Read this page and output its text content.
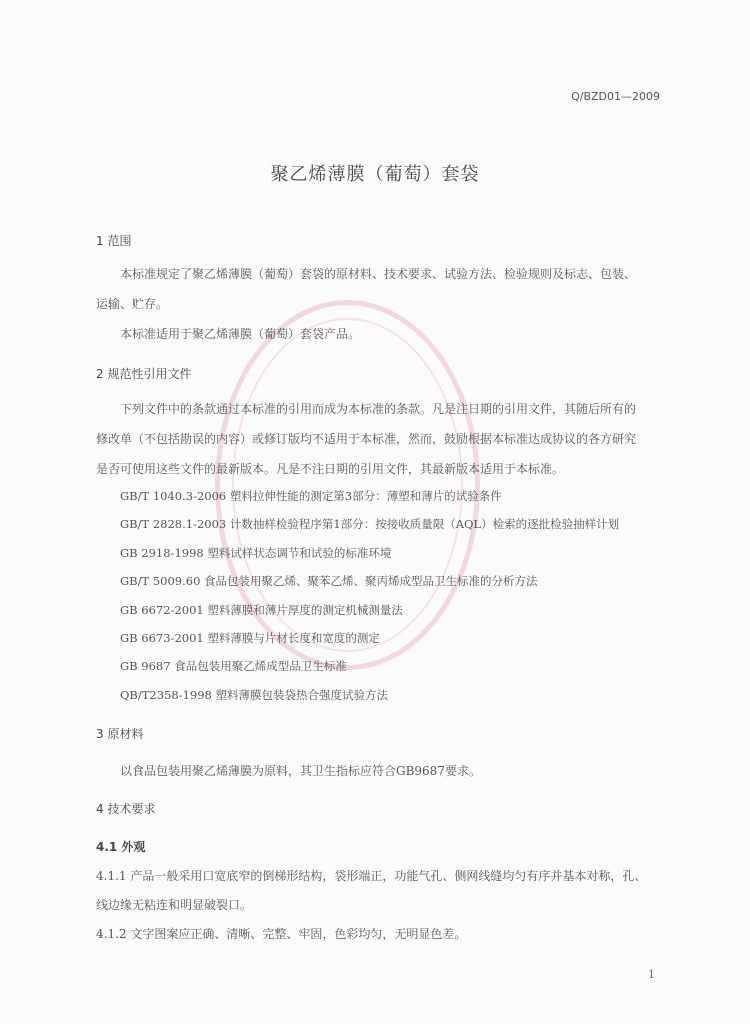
Q/BZD01—2009
聚乙烯薄膜（葡萄）套袋
1 范围
本标准规定了聚乙烯薄膜（葡萄）套袋的原材料、技术要求、试验方法、检验规则及标志、包装、
运输、贮存。
本标准适用于聚乙烯薄膜（葡萄）套袋产品。
2 规范性引用文件
下列文件中的条款通过本标准的引用而成为本标准的条款。凡是注日期的引用文件，其随后所有的
修改单（不包括勘误的内容）或修订版均不适用于本标准，然而，鼓励根据本标准达成协议的各方研究
是否可使用这些文件的最新版本。凡是不注日期的引用文件，其最新版本适用于本标准。
GB/T 1040.3-2006 塑料拉伸性能的测定第3部分：薄塑和薄片的试验条件
GB/T 2828.1-2003 计数抽样检验程序第1部分：按接收质量限（AQL）检索的逐批检验抽样计划
GB 2918-1998 塑料试样状态调节和试验的标准环境
GB/T 5009.60 食品包装用聚乙烯、聚苯乙烯、聚丙烯成型品卫生标准的分析方法
GB 6672-2001 塑料薄膜和薄片厚度的测定机械测量法
GB 6673-2001 塑料薄膜与片材长度和宽度的测定
GB 9687 食品包装用聚乙烯成型品卫生标准
QB/T2358-1998 塑料薄膜包装袋热合强度试验方法
3 原材料
以食品包装用聚乙烯薄膜为原料，其卫生指标应符合GB9687要求。
4 技术要求
4.1 外观
4.1.1 产品一般采用口宽底窄的倒梯形结构，袋形端正，功能气孔、侧网线缝均匀有序并基本对称，孔、
线边缘无粘连和明显破裂口。
4.1.2 文字图案应正确、清晰、完整、牢固，色彩均匀，无明显色差。
1
